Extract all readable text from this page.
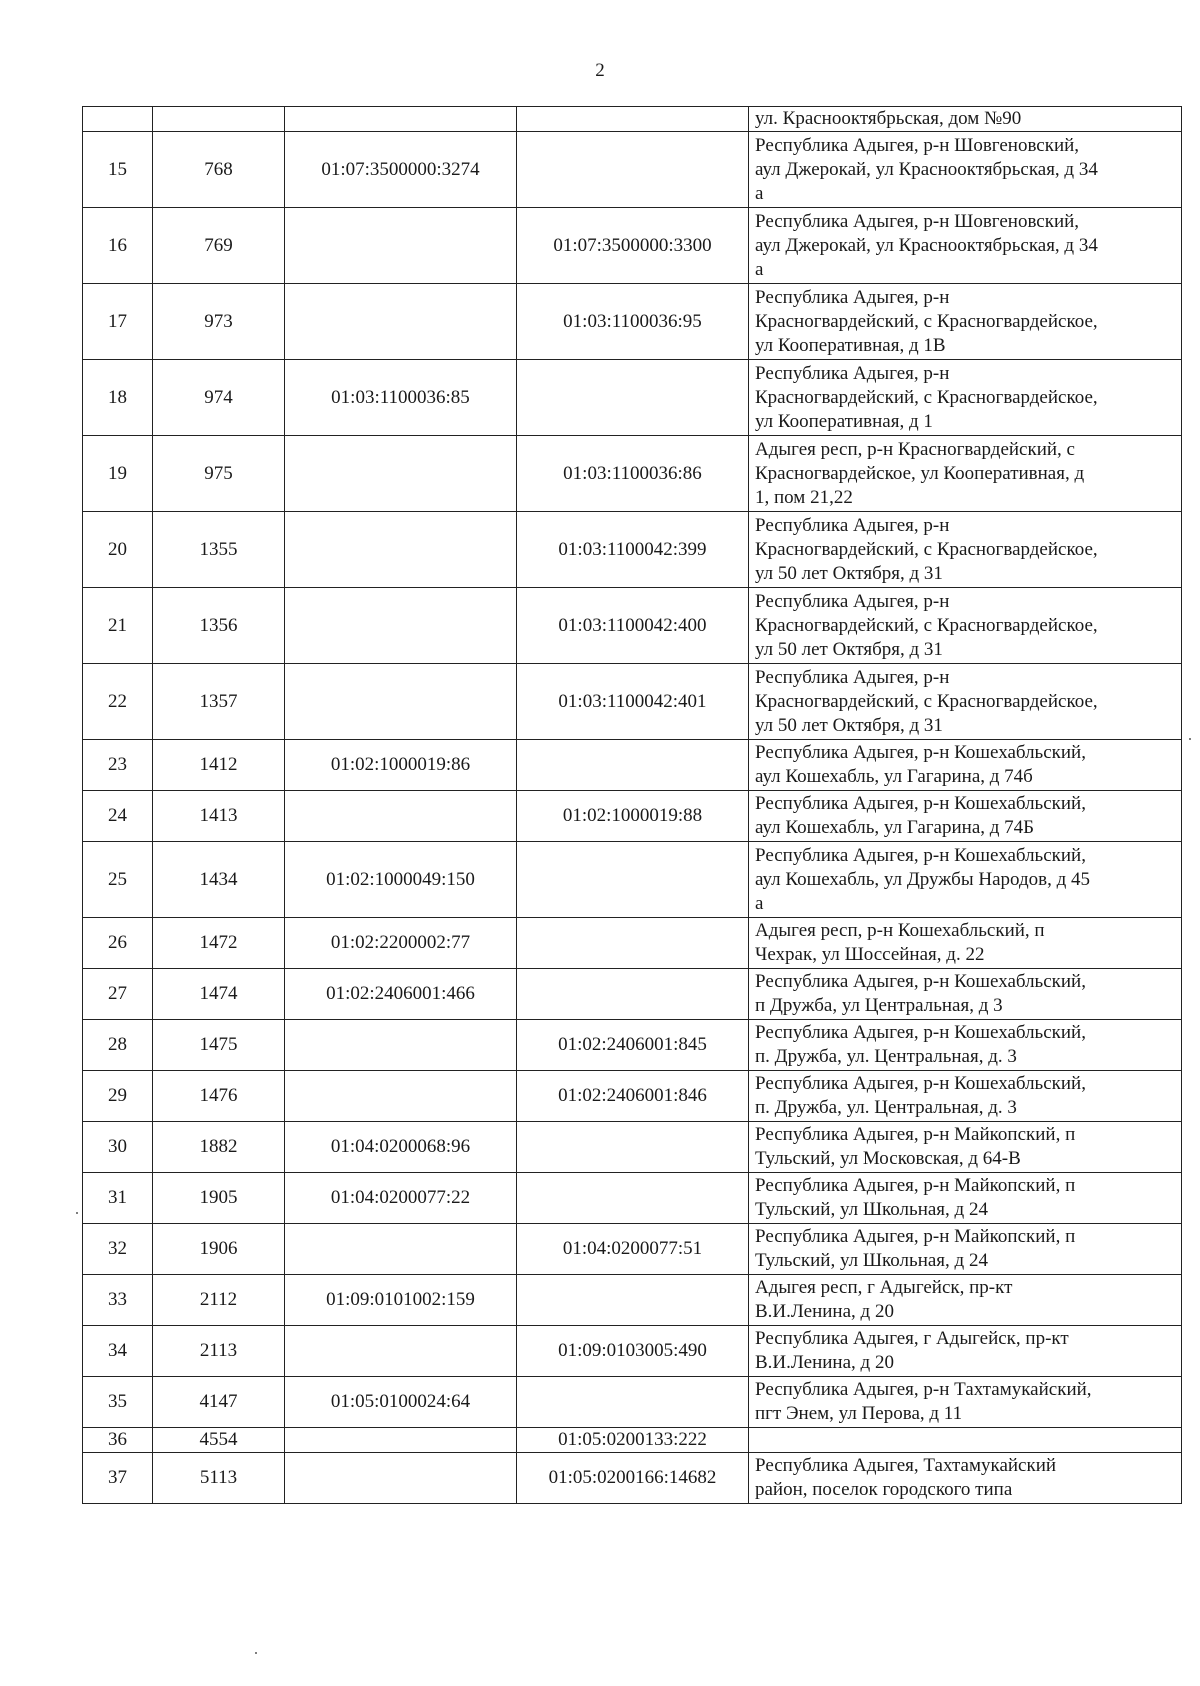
2

				ул. Краснооктябрьская, дом №90

15	768	01:07:3500000:3274		Республика Адыгея, р-н Шовгеновский,
аул Джерокай, ул Краснооктябрьская, д 34
а

16	769		01:07:3500000:3300	Республика Адыгея, р-н Шовгеновский,
аул Джерокай, ул Краснооктябрьская, д 34
а

17	973		01:03:1100036:95	Республика Адыгея, р-н
Красногвардейский, с Красногвардейское,
ул Кооперативная, д 1В

18	974	01:03:1100036:85		Республика Адыгея, р-н
Красногвардейский, с Красногвардейское,
ул Кооперативная, д 1

19	975		01:03:1100036:86	Адыгея респ, р-н Красногвардейский, с
Красногвардейское, ул Кооперативная, д
1, пом 21,22

20	1355		01:03:1100042:399	Республика Адыгея, р-н
Красногвардейский, с Красногвардейское,
ул 50 лет Октября, д 31

21	1356		01:03:1100042:400	Республика Адыгея, р-н
Красногвардейский, с Красногвардейское,
ул 50 лет Октября, д 31

22	1357		01:03:1100042:401	Республика Адыгея, р-н
Красногвардейский, с Красногвардейское,
ул 50 лет Октября, д 31

23	1412	01:02:1000019:86		Республика Адыгея, р-н Кошехабльский,
аул Кошехабль, ул Гагарина, д 74б

24	1413		01:02:1000019:88	Республика Адыгея, р-н Кошехабльский,
аул Кошехабль, ул Гагарина, д 74Б

25	1434	01:02:1000049:150		Республика Адыгея, р-н Кошехабльский,
аул Кошехабль, ул Дружбы Народов, д 45
а

26	1472	01:02:2200002:77		Адыгея респ, р-н Кошехабльский, п
Чехрак, ул Шоссейная, д. 22

27	1474	01:02:2406001:466		Республика Адыгея, р-н Кошехабльский,
п Дружба, ул Центральная, д 3

28	1475		01:02:2406001:845	Республика Адыгея, р-н Кошехабльский,
п. Дружба, ул. Центральная, д. 3

29	1476		01:02:2406001:846	Республика Адыгея, р-н Кошехабльский,
п. Дружба, ул. Центральная, д. 3

30	1882	01:04:0200068:96		Республика Адыгея, р-н Майкопский, п
Тульский, ул Московская, д 64-В

31	1905	01:04:0200077:22		Республика Адыгея, р-н Майкопский, п
Тульский, ул Школьная, д 24

32	1906		01:04:0200077:51	Республика Адыгея, р-н Майкопский, п
Тульский, ул Школьная, д 24

33	2112	01:09:0101002:159		Адыгея респ, г Адыгейск, пр-кт
В.И.Ленина, д 20

34	2113		01:09:0103005:490	Республика Адыгея, г Адыгейск, пр-кт
В.И.Ленина, д 20

35	4147	01:05:0100024:64		Республика Адыгея, р-н Тахтамукайский,
пгт Энем, ул Перова, д 11

36	4554		01:05:0200133:222	
37	5113		01:05:0200166:14682	Республика Адыгея, Тахтамукайский
район, поселок городского типа
